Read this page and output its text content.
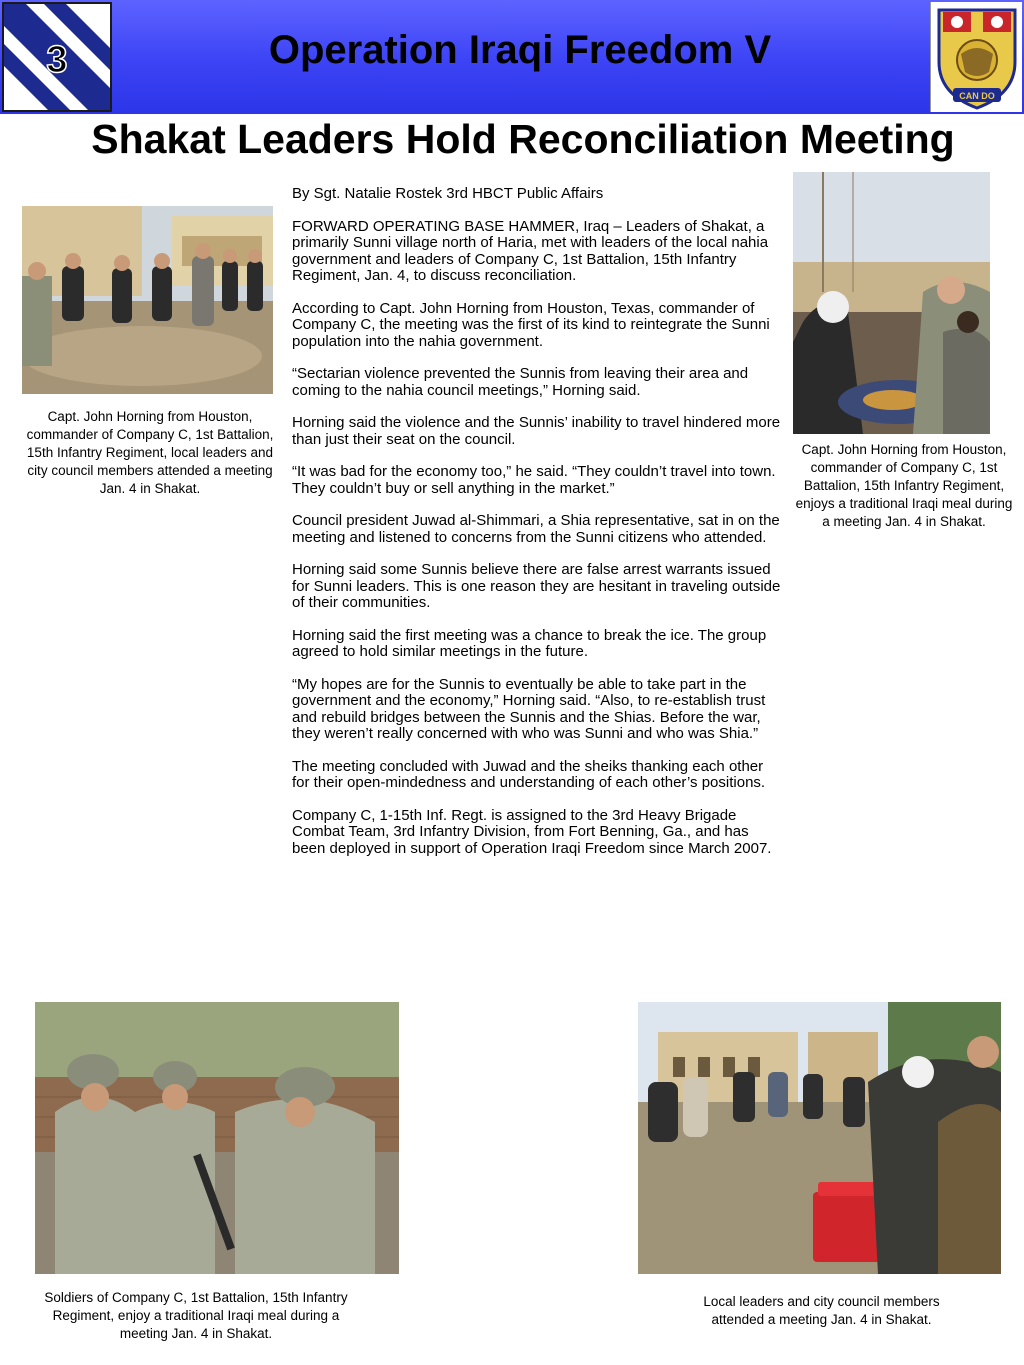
3	Operation Iraqi Freedom V
CAN DO
Shakat Leaders Hold Reconciliation Meeting

By Sgt. Natalie Rostek 3rd HBCT Public Affairs

FORWARD OPERATING BASE HAMMER, Iraq – Leaders of Shakat, a primarily Sunni village north of Haria, met with leaders of the local nahia government and leaders of Company C, 1st Battalion, 15th Infantry Regiment, Jan. 4, to discuss reconciliation.

According to Capt. John Horning from Houston, Texas, commander of Company C, the meeting was the first of its kind to reintegrate the Sunni population into the nahia government.

“Sectarian violence prevented the Sunnis from leaving their area and coming to the nahia council meetings,” Horning said.

Horning said the violence and the Sunnis’ inability to travel hindered more than just their seat on the council.

“It was bad for the economy too,” he said. “They couldn’t travel into town. They couldn’t buy or sell anything in the market.”

Council president Juwad al-Shimmari, a Shia representative, sat in on the meeting and listened to concerns from the Sunni citizens who attended.

Horning said some Sunnis believe there are false arrest warrants issued for Sunni leaders. This is one reason they are hesitant in traveling outside of their communities.

Horning said the first meeting was a chance to break the ice. The group agreed to hold similar meetings in the future.

“My hopes are for the Sunnis to eventually be able to take part in the government and the economy,” Horning said. “Also, to re-establish trust and rebuild bridges between the Sunnis and the Shias. Before the war, they weren’t really concerned with who was Sunni and who was Shia.”

The meeting concluded with Juwad and the sheiks thanking each other for their open-mindedness and understanding of each other’s positions.

Company C, 1-15th Inf. Regt. is assigned to the 3rd Heavy Brigade Combat Team, 3rd Infantry Division, from Fort Benning, Ga., and has been deployed in support of Operation Iraqi Freedom since March 2007.

Capt. John Horning from Houston, commander of Company C, 1st Battalion, 15th Infantry Regiment, local leaders and city council members attended a meeting Jan. 4 in Shakat.
Capt. John Horning from Houston, commander of Company C, 1st Battalion, 15th Infantry Regiment, enjoys a traditional Iraqi meal during a meeting Jan. 4 in Shakat.
Soldiers of Company C, 1st Battalion, 15th Infantry Regiment, enjoy a traditional Iraqi meal during a meeting Jan. 4 in Shakat.
Local leaders and city council members attended a meeting Jan. 4 in Shakat.
